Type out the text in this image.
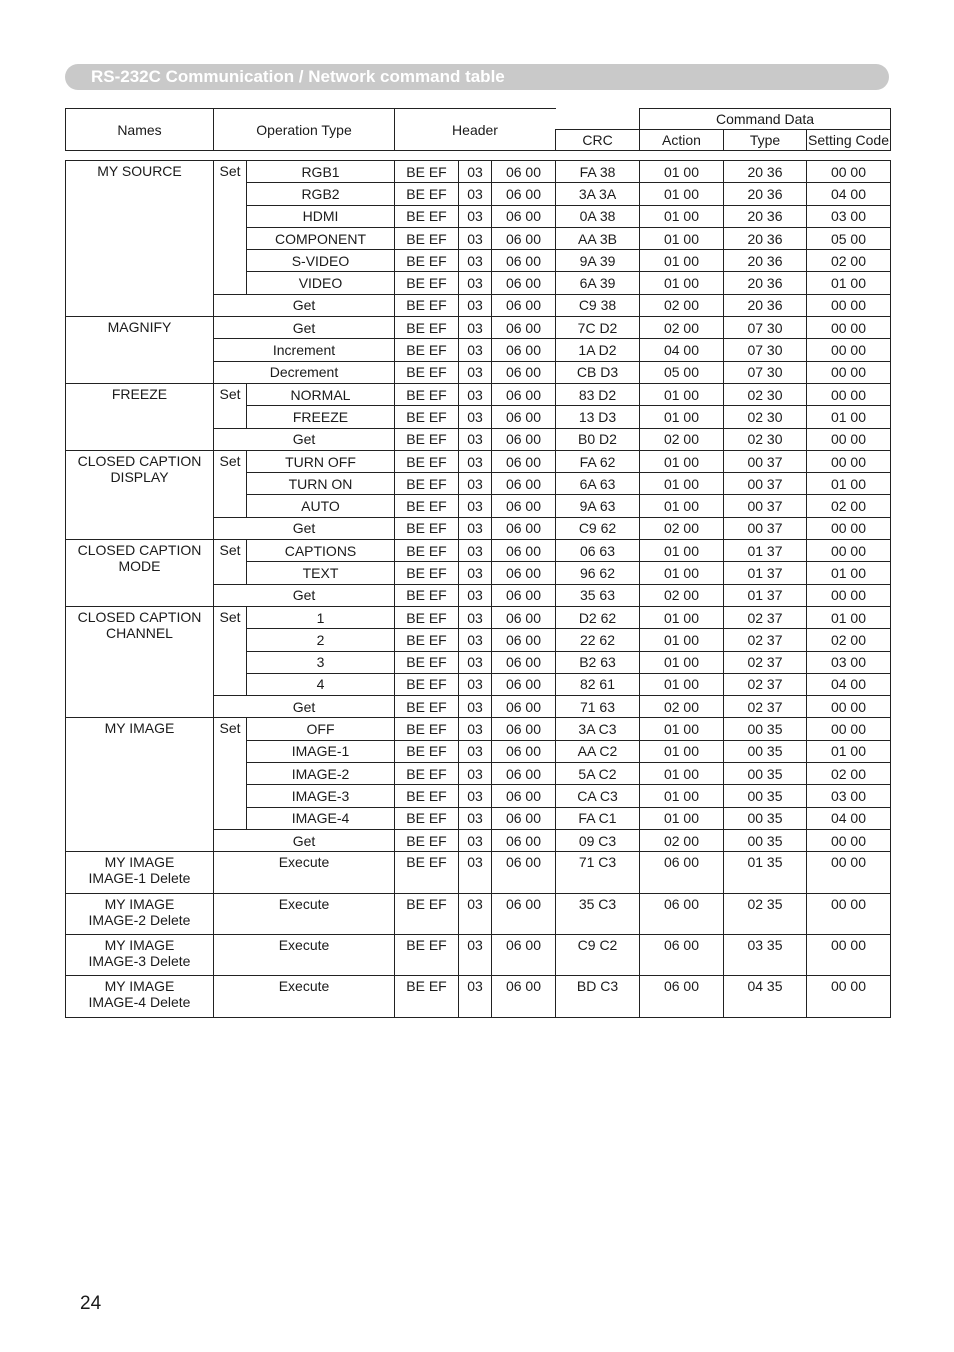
RS-232C Communication / Network command table
Names	Operation Type	Header		Command Data		
			CRC	Action	Type	Setting Code
MY SOURCE	Set	RGB1	BE EF	03	06 00	FA 38	01 00	20 36	00 00
		RGB2	BE EF	03	06 00	3A 3A	01 00	20 36	04 00
		HDMI	BE EF	03	06 00	0A 38	01 00	20 36	03 00
		COMPONENT	BE EF	03	06 00	AA 3B	01 00	20 36	05 00
		S-VIDEO	BE EF	03	06 00	9A 39	01 00	20 36	02 00
		VIDEO	BE EF	03	06 00	6A 39	01 00	20 36	01 00
	Get		BE EF	03	06 00	C9 38	02 00	20 36	00 00
MAGNIFY	Get		BE EF	03	06 00	7C D2	02 00	07 30	00 00
	Increment		BE EF	03	06 00	1A D2	04 00	07 30	00 00
	Decrement		BE EF	03	06 00	CB D3	05 00	07 30	00 00
FREEZE	Set	NORMAL	BE EF	03	06 00	83 D2	01 00	02 30	00 00
		FREEZE	BE EF	03	06 00	13 D3	01 00	02 30	01 00
	Get		BE EF	03	06 00	B0 D2	02 00	02 30	00 00
CLOSED CAPTION
DISPLAY	Set	TURN OFF	BE EF	03	06 00	FA 62	01 00	00 37	00 00
		TURN ON	BE EF	03	06 00	6A 63	01 00	00 37	01 00
		AUTO	BE EF	03	06 00	9A 63	01 00	00 37	02 00
	Get		BE EF	03	06 00	C9 62	02 00	00 37	00 00
CLOSED CAPTION
MODE	Set	CAPTIONS	BE EF	03	06 00	06 63	01 00	01 37	00 00
		TEXT	BE EF	03	06 00	96 62	01 00	01 37	01 00
	Get		BE EF	03	06 00	35 63	02 00	01 37	00 00
CLOSED CAPTION
CHANNEL	Set	1	BE EF	03	06 00	D2 62	01 00	02 37	01 00
		2	BE EF	03	06 00	22 62	01 00	02 37	02 00
		3	BE EF	03	06 00	B2 63	01 00	02 37	03 00
		4	BE EF	03	06 00	82 61	01 00	02 37	04 00
	Get		BE EF	03	06 00	71 63	02 00	02 37	00 00
MY IMAGE	Set	OFF	BE EF	03	06 00	3A C3	01 00	00 35	00 00
		IMAGE-1	BE EF	03	06 00	AA C2	01 00	00 35	01 00
		IMAGE-2	BE EF	03	06 00	5A C2	01 00	00 35	02 00
		IMAGE-3	BE EF	03	06 00	CA C3	01 00	00 35	03 00
		IMAGE-4	BE EF	03	06 00	FA C1	01 00	00 35	04 00
	Get		BE EF	03	06 00	09 C3	02 00	00 35	00 00
MY IMAGE
IMAGE-1 Delete	Execute		BE EF	03	06 00	71 C3	06 00	01 35	00 00
MY IMAGE
IMAGE-2 Delete	Execute		BE EF	03	06 00	35 C3	06 00	02 35	00 00
MY IMAGE
IMAGE-3 Delete	Execute		BE EF	03	06 00	C9 C2	06 00	03 35	00 00
MY IMAGE
IMAGE-4 Delete	Execute		BE EF	03	06 00	BD C3	06 00	04 35	00 00

24
